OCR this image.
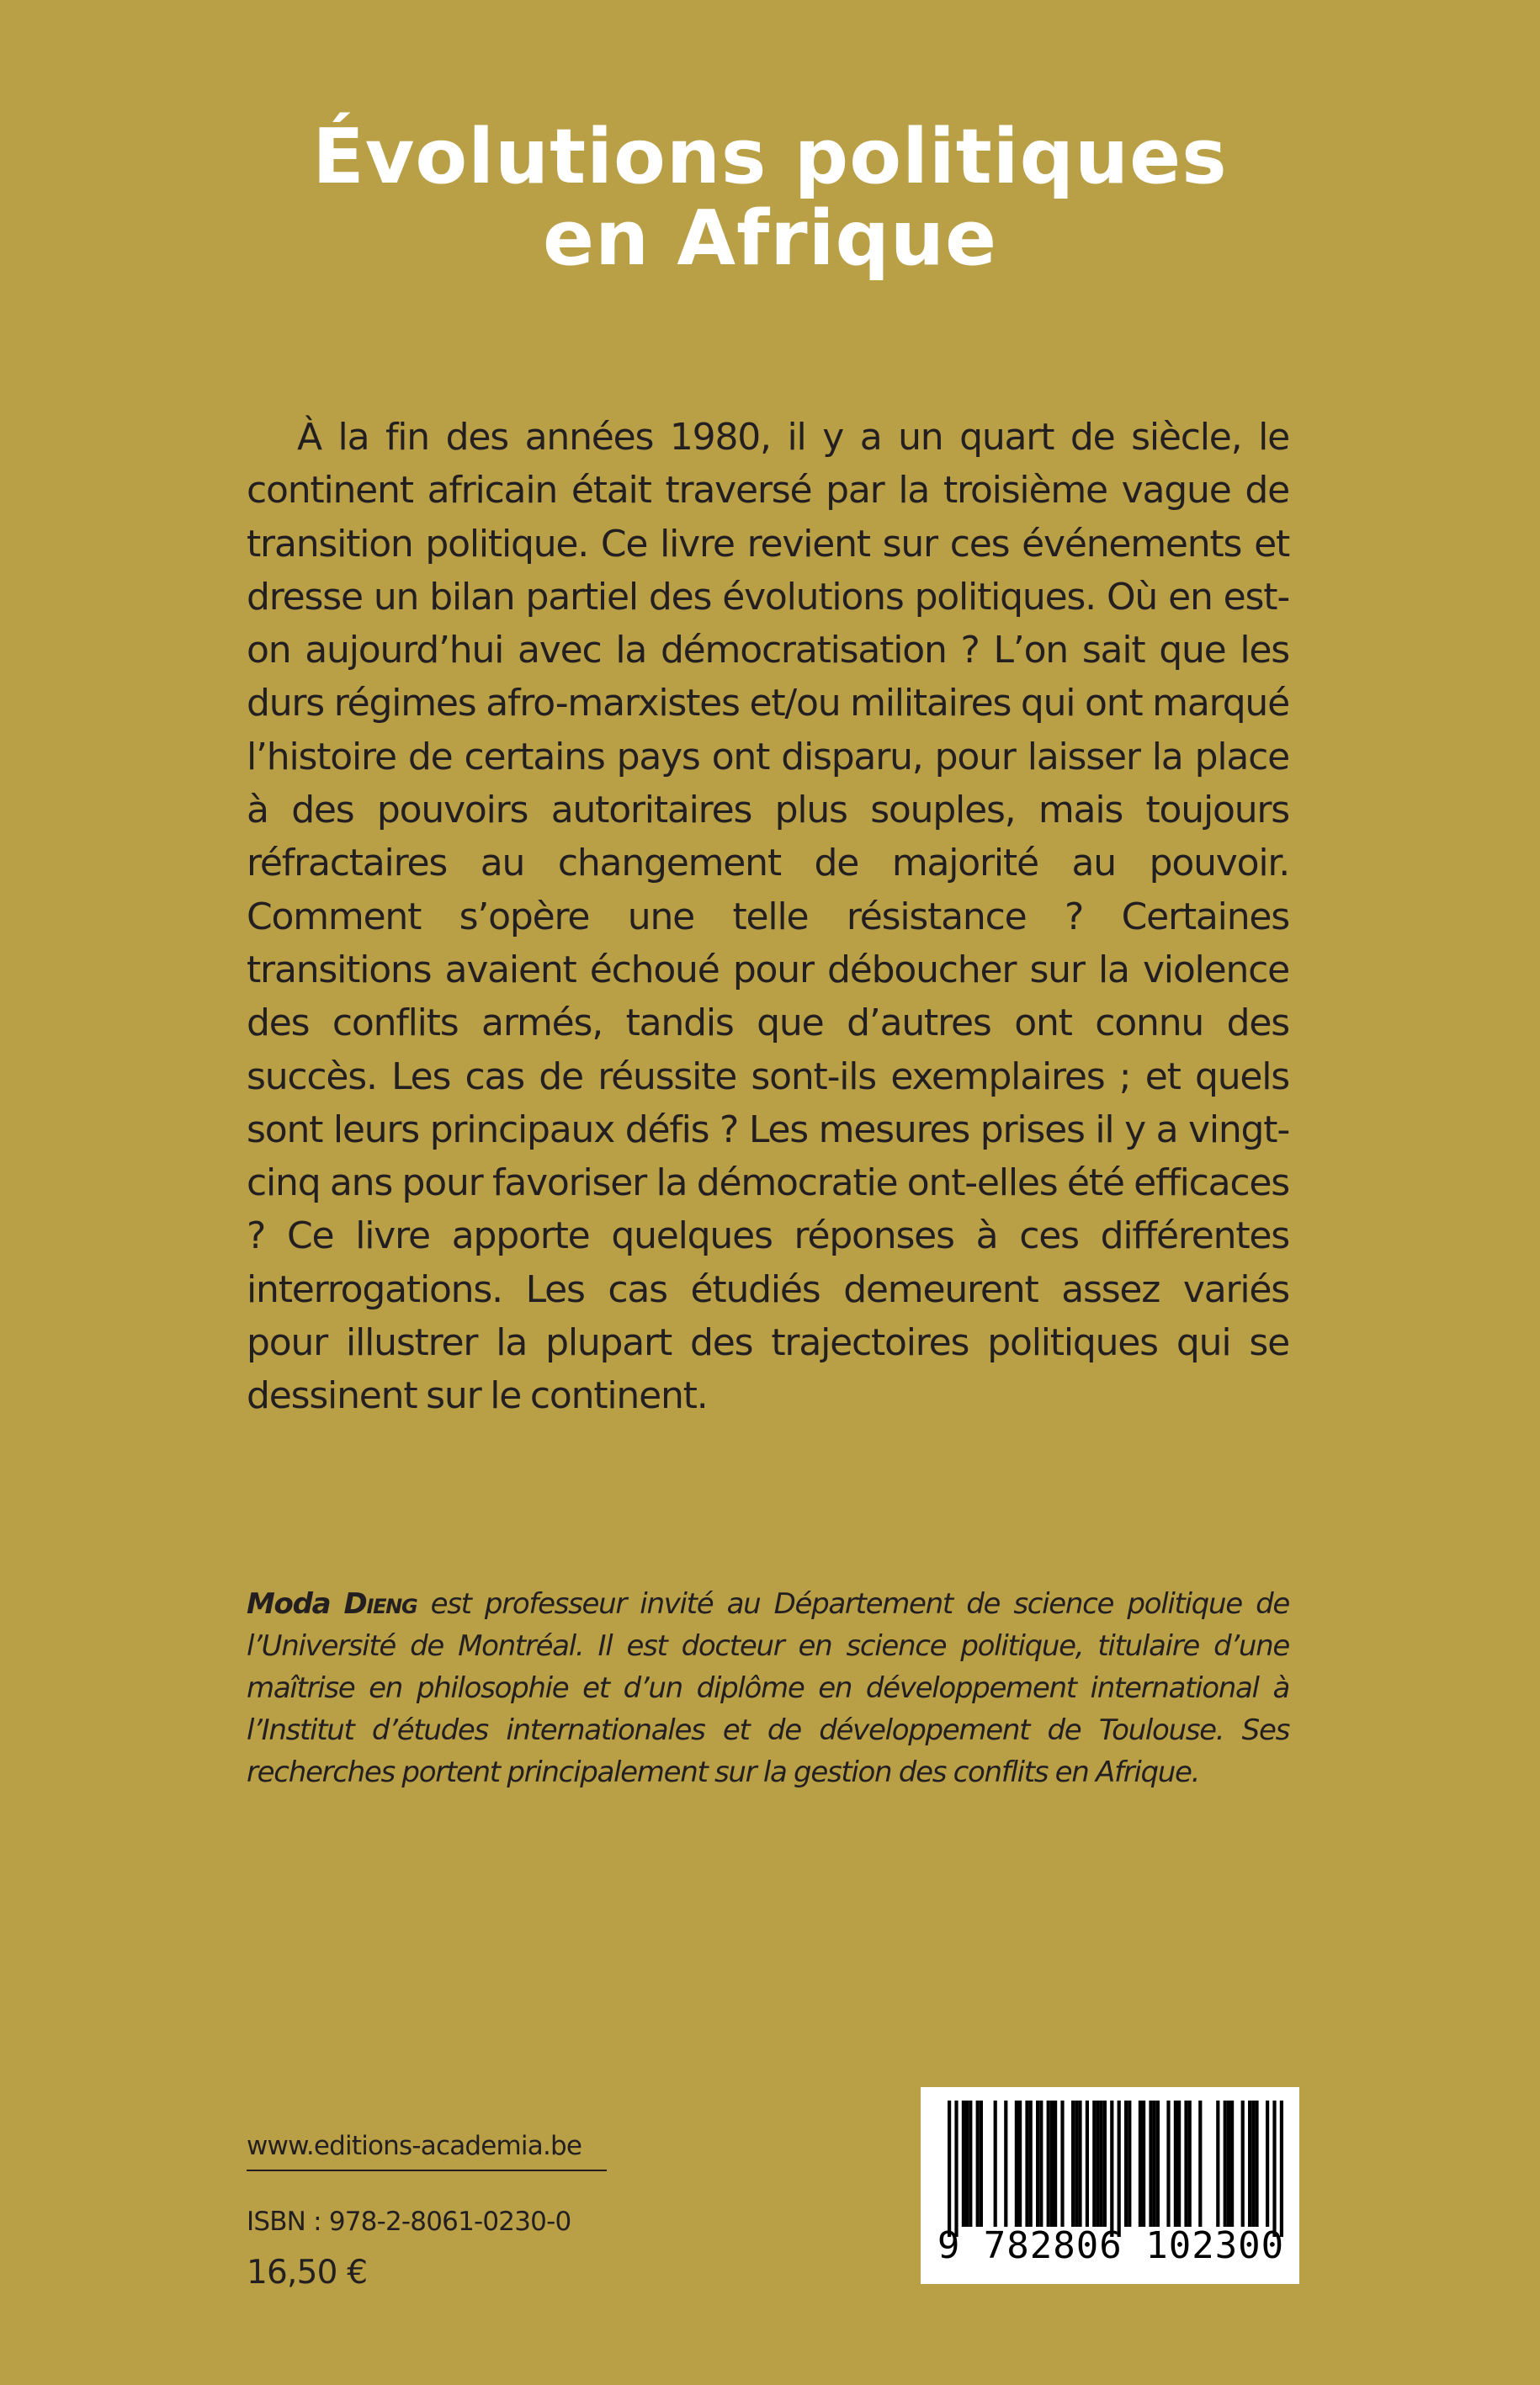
Évolutions politiques
en Afrique

À la fin des années 1980, il y a un quart de siècle, le continent africain était traversé par la troisième vague de transition politique. Ce livre revient sur ces événements et dresse un bilan partiel des évolutions politiques. Où en est-on aujourd’hui avec la démocratisation ? L’on sait que les durs régimes afro-marxistes et/ou militaires qui ont marqué l’histoire de certains pays ont disparu, pour laisser la place à des pouvoirs autoritaires plus souples, mais toujours réfractaires au changement de majorité au pouvoir. Comment s’opère une telle résistance ? Certaines transitions avaient échoué pour déboucher sur la violence des conflits armés, tandis que d’autres ont connu des succès. Les cas de réussite sont-ils exemplaires ; et quels sont leurs principaux défis ? Les mesures prises il y a vingt-cinq ans pour favoriser la démocratie ont-elles été efficaces ? Ce livre apporte quelques réponses à ces différentes interrogations. Les cas étudiés demeurent assez variés pour illustrer la plupart des trajectoires politiques qui se dessinent sur le continent.

Moda Dieng est professeur invité au Département de science politique de l’Université de Montréal. Il est docteur en science politique, titulaire d’une maîtrise en philosophie et d’un diplôme en développement international à l’Institut d’études internationales et de développement de Toulouse. Ses recherches portent principalement sur la gestion des conflits en Afrique.

www.editions-academia.be
ISBN : 978-2-8061-0230-0
16,50 €
9 782806 102300
